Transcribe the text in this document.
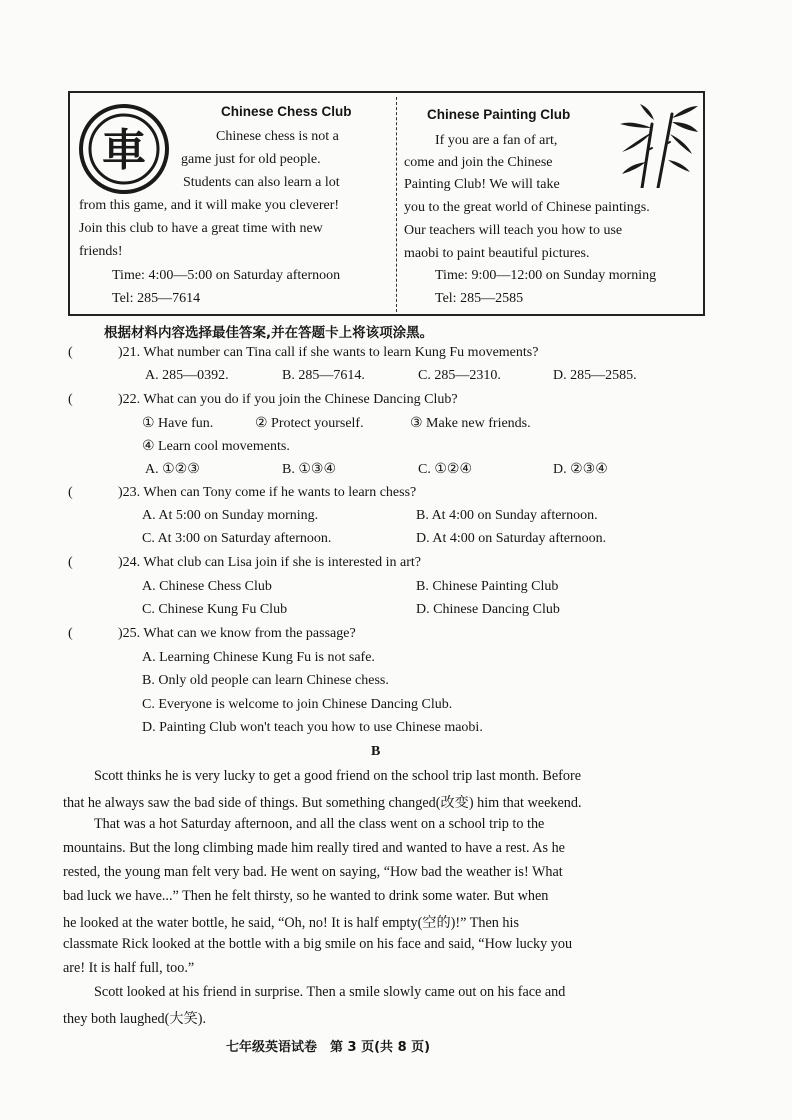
車
Chinese Chess Club
Chinese chess is not a
game just for old people.
Students can also learn a lot
from this game, and it will make you cleverer!
Join this club to have a great time with new
friends!
Time: 4:00—5:00 on Saturday afternoon
Tel: 285—7614
Chinese Painting Club
If you are a fan of art,
come and join the Chinese
Painting Club! We will take
you to the great world of Chinese paintings.
Our teachers will teach you how to use
maobi to paint beautiful pictures.
Time: 9:00—12:00 on Sunday morning
Tel: 285—2585
根据材料内容选择最佳答案,并在答题卡上将该项涂黑。
(	)21. What number can Tina call if she wants to learn Kung Fu movements?
A. 285—0392.	B. 285—7614.	C. 285—2310.	D. 285—2585.
(	)22. What can you do if you join the Chinese Dancing Club?
① Have fun.	② Protect yourself.	③ Make new friends.
④ Learn cool movements.
A. ①②③	B. ①③④	C. ①②④	D. ②③④
(	)23. When can Tony come if he wants to learn chess?
A. At 5:00 on Sunday morning.	B. At 4:00 on Sunday afternoon.
C. At 3:00 on Saturday afternoon.	D. At 4:00 on Saturday afternoon.
(	)24. What club can Lisa join if she is interested in art?
A. Chinese Chess Club	B. Chinese Painting Club
C. Chinese Kung Fu Club	D. Chinese Dancing Club
(	)25. What can we know from the passage?
A. Learning Chinese Kung Fu is not safe.
B. Only old people can learn Chinese chess.
C. Everyone is welcome to join Chinese Dancing Club.
D. Painting Club won't teach you how to use Chinese maobi.
B
Scott thinks he is very lucky to get a good friend on the school trip last month. Before
that he always saw the bad side of things. But something changed(改变) him that weekend.
That was a hot Saturday afternoon, and all the class went on a school trip to the
mountains. But the long climbing made him really tired and wanted to have a rest. As he
rested, the young man felt very bad. He went on saying, “How bad the weather is! What
bad luck we have...” Then he felt thirsty, so he wanted to drink some water. But when
he looked at the water bottle, he said, “Oh, no! It is half empty(空的)!” Then his
classmate Rick looked at the bottle with a big smile on his face and said, “How lucky you
are! It is half full, too.”
Scott looked at his friend in surprise. Then a smile slowly came out on his face and
they both laughed(大笑).
七年级英语试卷　第 3 页(共 8 页)
